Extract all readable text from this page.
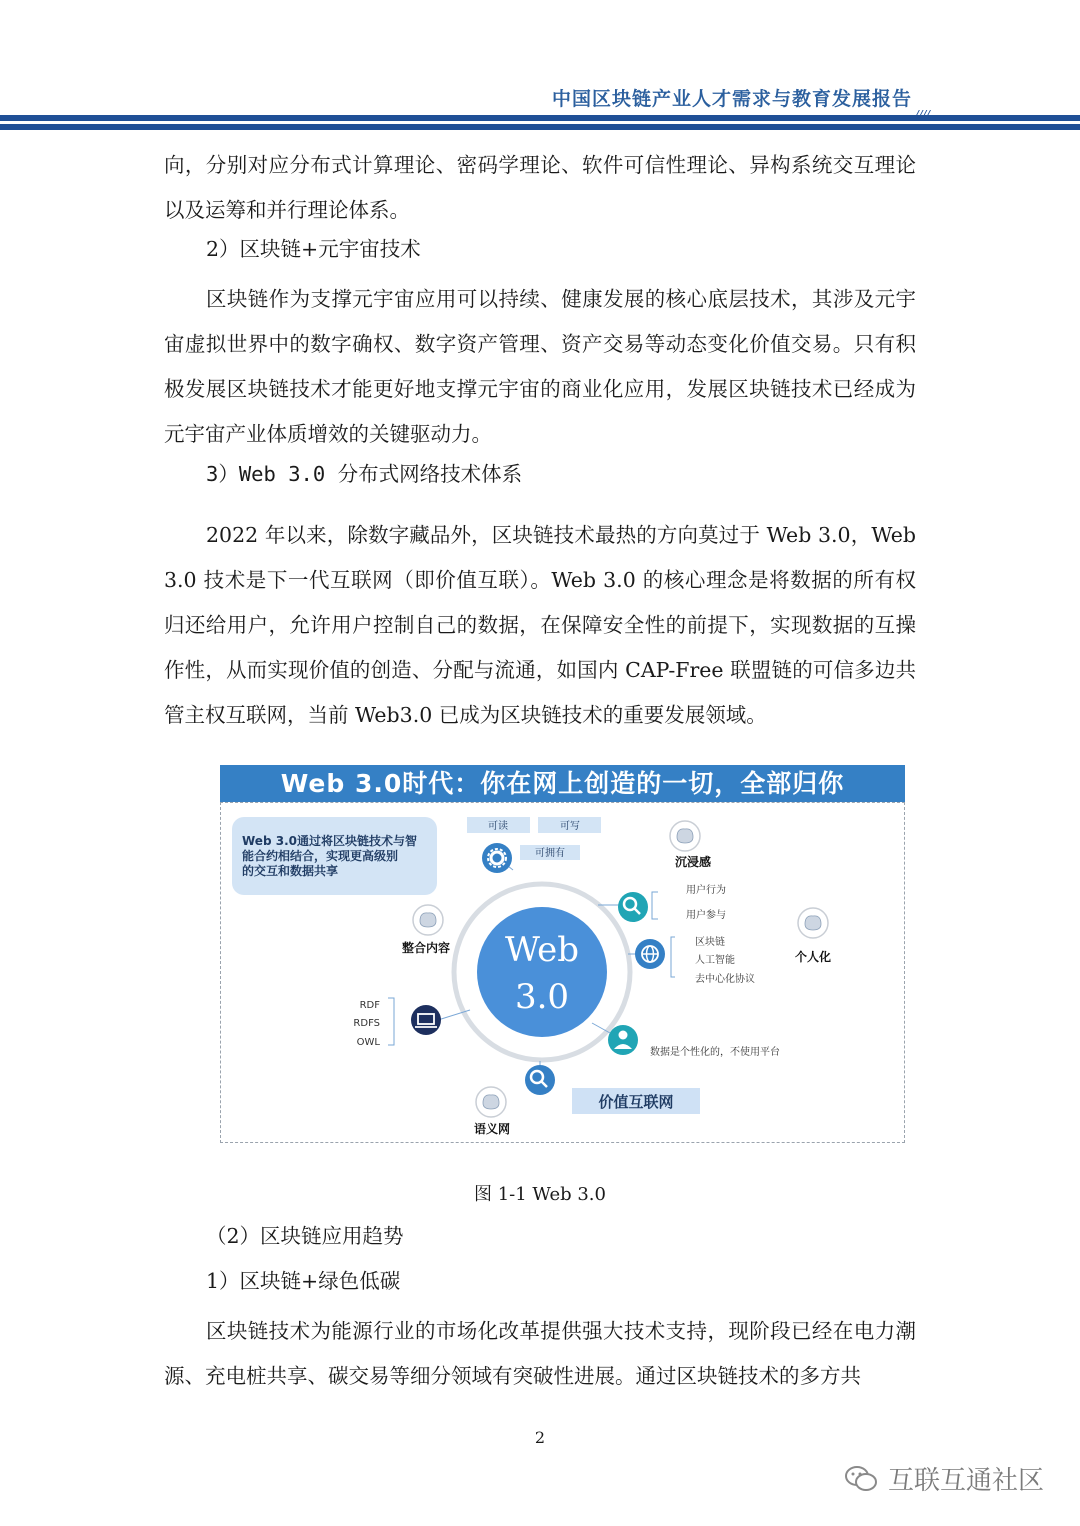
中国区块链产业人才需求与教育发展报告
向，分别对应分布式计算理论、密码学理论、软件可信性理论、异构系统交互理论以及运筹和并行理论体系。
2）区块链+元宇宙技术
区块链作为支撑元宇宙应用可以持续、健康发展的核心底层技术，其涉及元宇宙虚拟世界中的数字确权、数字资产管理、资产交易等动态变化价值交易。只有积极发展区块链技术才能更好地支撑元宇宙的商业化应用，发展区块链技术已经成为元宇宙产业体质增效的关键驱动力。
3）Web 3.0 分布式网络技术体系
2022 年以来，除数字藏品外，区块链技术最热的方向莫过于 Web 3.0，Web 3.0 技术是下一代互联网（即价值互联）。Web 3.0 的核心理念是将数据的所有权归还给用户，允许用户控制自己的数据，在保障安全性的前提下，实现数据的互操作性，从而实现价值的创造、分配与流通，如国内 CAP-Free 联盟链的可信多边共管主权互联网，当前 Web3.0 已成为区块链技术的重要发展领域。
Web 3.0时代：你在网上创造的一切，全部归你
Web 3.0通过将区块链技术与智
能合约相结合，实现更高级别
的交互和数据共享
可读	可写
可拥有
Web
3.0
用户行为
用户参与
区块链
人工智能
去中心化协议
RDF
RDFS
OWL
数据是个性化的，不使用平台
价值互联网
沉浸感
个人化
整合内容
语义网
图 1-1 Web 3.0
（2）区块链应用趋势
1）区块链+绿色低碳
区块链技术为能源行业的市场化改革提供强大技术支持，现阶段已经在电力潮源、充电桩共享、碳交易等细分领域有突破性进展。通过区块链技术的多方共
2
互联互通社区
